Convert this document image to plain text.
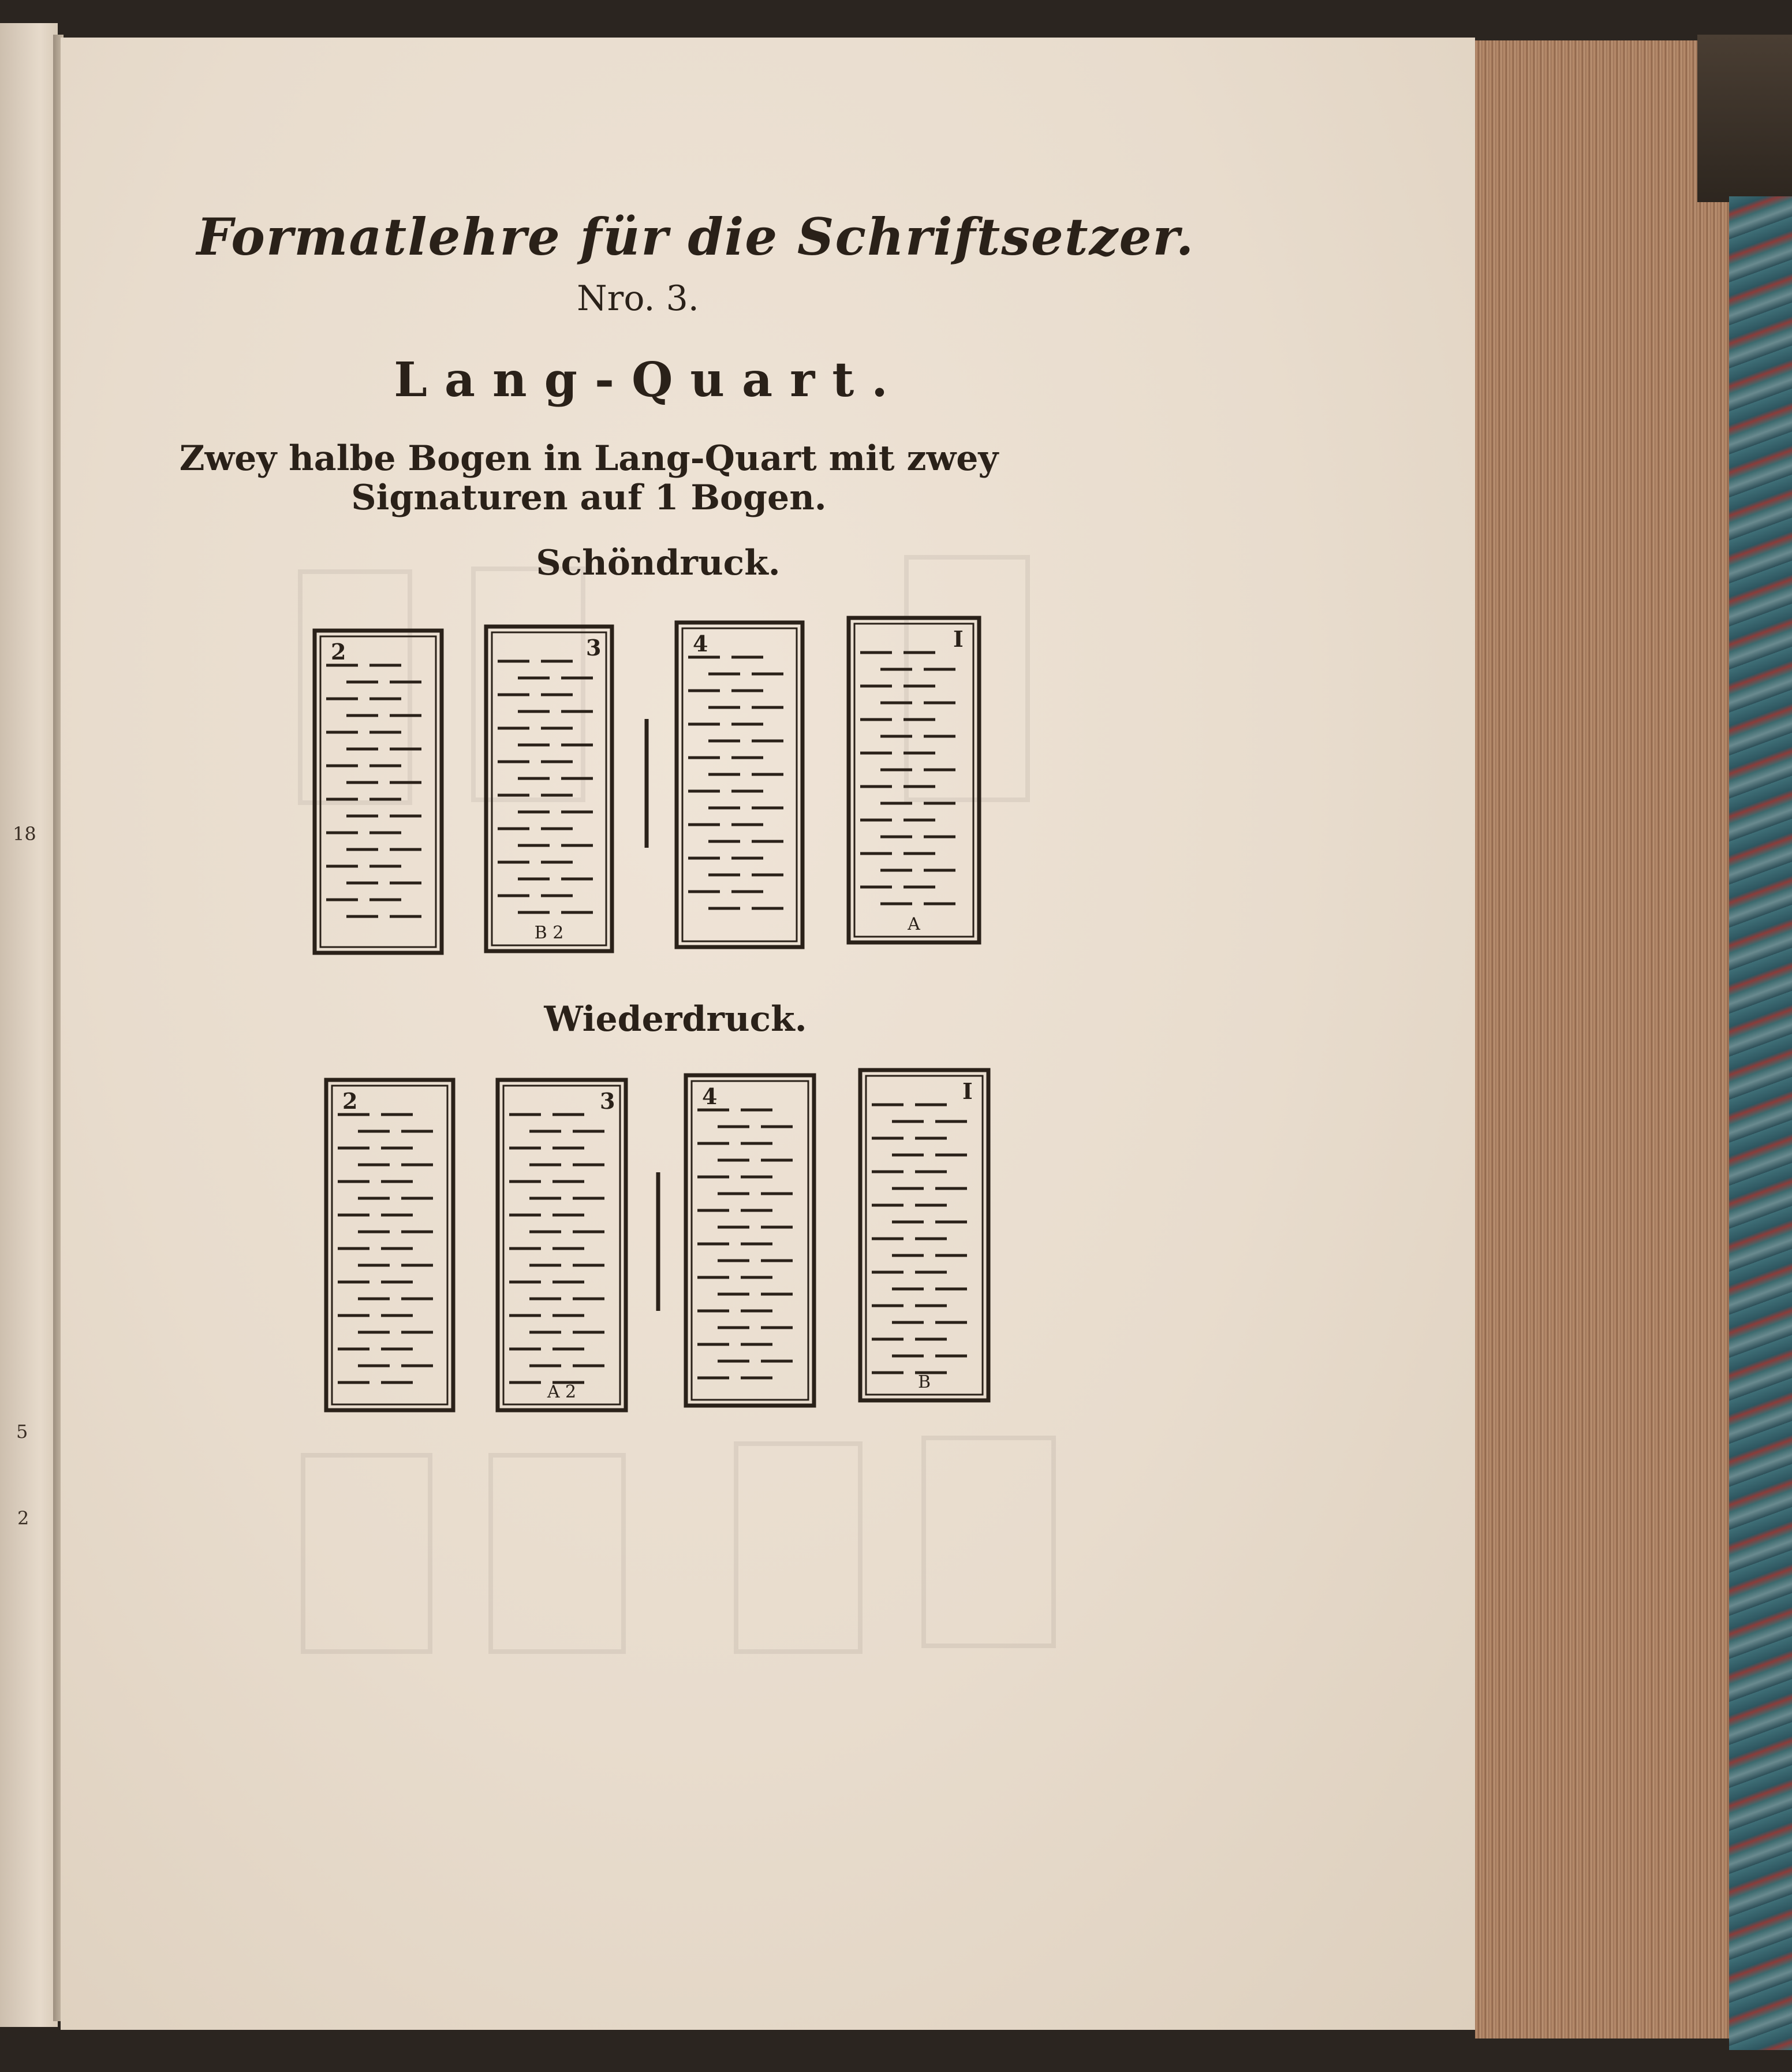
18
5
2
Formatlehre für die Schriftsetzer.
Nro. 3.
Lang-Quart.
Zwey halbe Bogen in Lang-Quart mit zwey Signaturen auf 1 Bogen.
Schöndruck.
Wiederdruck.
2	3
B 2
4	I
A
2	3
A 2
4	I
B
